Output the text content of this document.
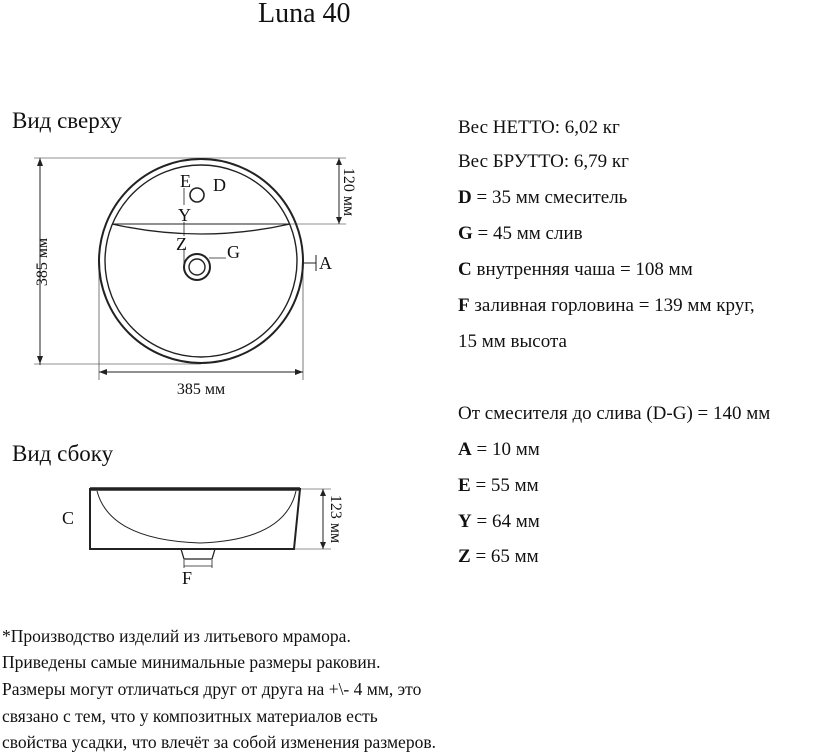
Luna 40
Вид сверху
Вид сбоку
E D
Y
Z G
A
385 мм
385 мм
120 мм
C
F
123 мм
Вес НЕТТО: 6,02 кг
Вес БРУТТО: 6,79 кг
D = 35 мм смеситель
G = 45 мм слив
C внутренняя чаша = 108 мм
F заливная горловина = 139 мм круг,
15 мм высота
От смесителя до слива (D-G) = 140 мм
A = 10 мм
E = 55 мм
Y = 64 мм
Z = 65 мм
*Производство изделий из литьевого мрамора.
Приведены самые минимальные размеры раковин.
Размеры могут отличаться друг от друга на +\- 4 мм, это
связано с тем, что у композитных материалов есть
свойства усадки, что влечёт за собой изменения размеров.
